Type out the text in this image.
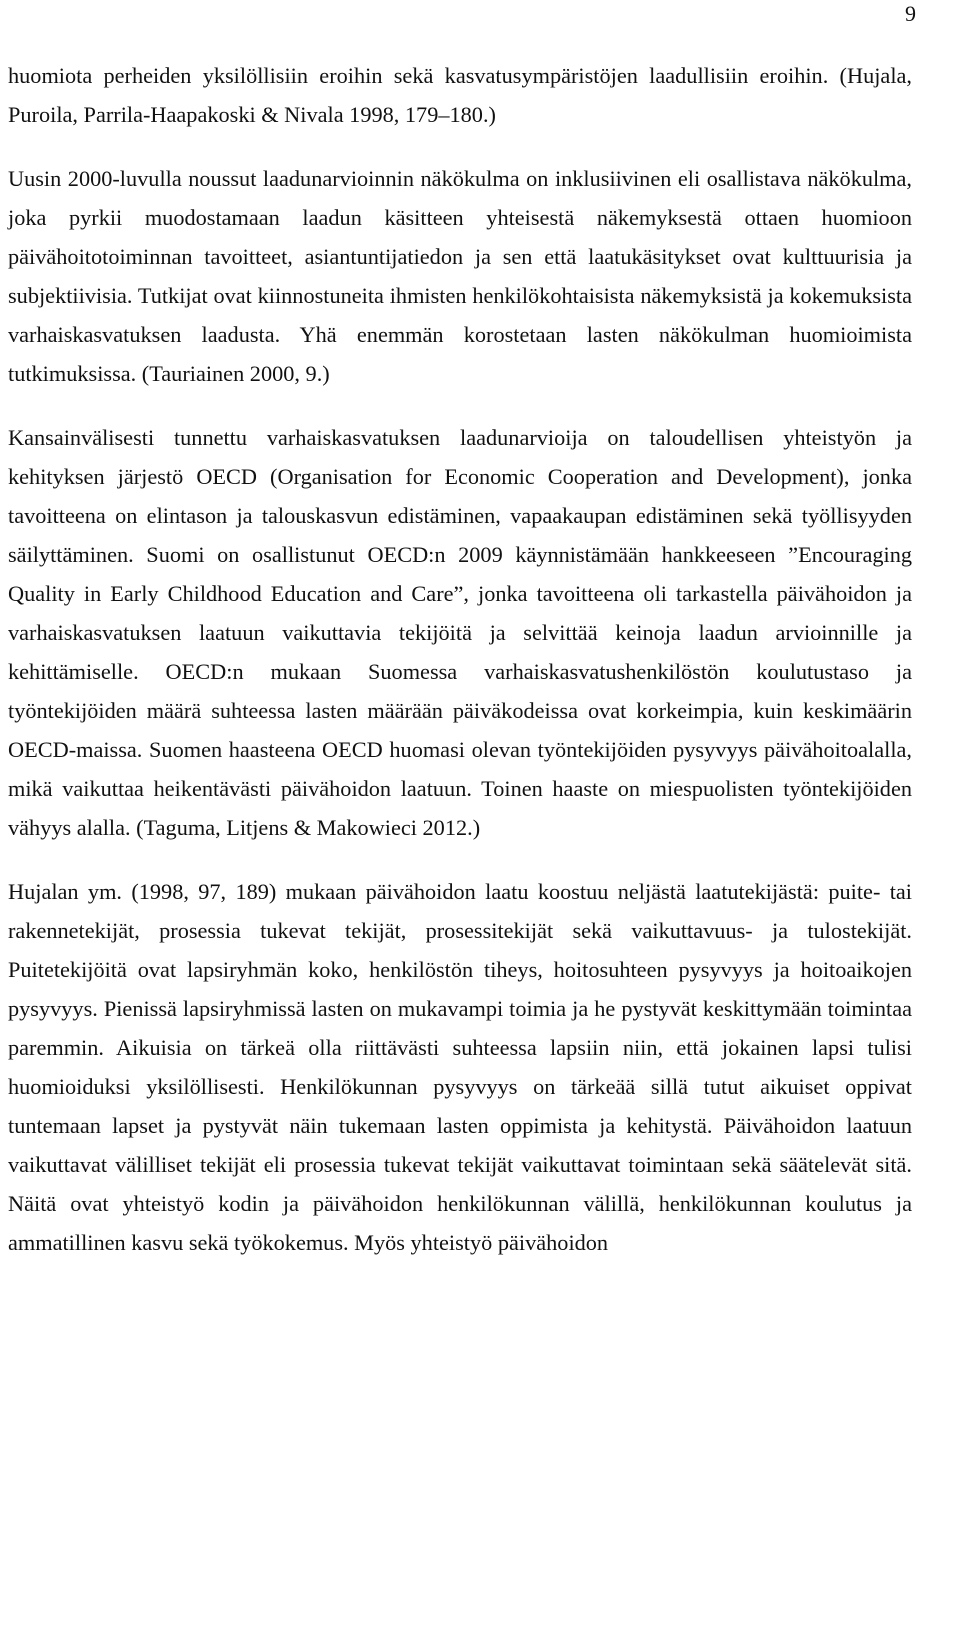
9

huomiota perheiden yksilöllisiin eroihin sekä kasvatusympäristöjen laadullisiin eroihin. (Hujala, Puroila, Parrila-Haapakoski & Nivala 1998, 179–180.)

Uusin 2000-luvulla noussut laadunarvioinnin näkökulma on inklusiivinen eli osallistava näkökulma, joka pyrkii muodostamaan laadun käsitteen yhteisestä näkemyksestä ottaen huomioon päivähoitotoiminnan tavoitteet, asiantuntijatiedon ja sen että laatukäsitykset ovat kulttuurisia ja subjektiivisia. Tutkijat ovat kiinnostuneita ihmisten henkilökohtaisista näkemyksistä ja kokemuksista varhaiskasvatuksen laadusta. Yhä enemmän korostetaan lasten näkökulman huomioimista tutkimuksissa. (Tauriainen 2000, 9.)

Kansainvälisesti tunnettu varhaiskasvatuksen laadunarvioija on taloudellisen yhteistyön ja kehityksen järjestö OECD (Organisation for Economic Cooperation and Development), jonka tavoitteena on elintason ja talouskasvun edistäminen, vapaakaupan edistäminen sekä työllisyyden säilyttäminen. Suomi on osallistunut OECD:n 2009 käynnistämään hankkeeseen ”Encouraging Quality in Early Childhood Education and Care”, jonka tavoitteena oli tarkastella päivähoidon ja varhaiskasvatuksen laatuun vaikuttavia tekijöitä ja selvittää keinoja laadun arvioinnille ja kehittämiselle. OECD:n mukaan Suomessa varhaiskasvatushenkilöstön koulutustaso ja työntekijöiden määrä suhteessa lasten määrään päiväkodeissa ovat korkeimpia, kuin keskimäärin OECD-maissa. Suomen haasteena OECD huomasi olevan työntekijöiden pysyvyys päivähoitoalalla, mikä vaikuttaa heikentävästi päivähoidon laatuun. Toinen haaste on miespuolisten työntekijöiden vähyys alalla. (Taguma, Litjens & Makowieci 2012.)

Hujalan ym. (1998, 97, 189) mukaan päivähoidon laatu koostuu neljästä laatutekijästä: puite- tai rakennetekijät, prosessia tukevat tekijät, prosessitekijät sekä vaikuttavuus- ja tulostekijät. Puitetekijöitä ovat lapsiryhmän koko, henkilöstön tiheys, hoitosuhteen pysyvyys ja hoitoaikojen pysyvyys. Pienissä lapsiryhmissä lasten on mukavampi toimia ja he pystyvät keskittymään toimintaa paremmin. Aikuisia on tärkeä olla riittävästi suhteessa lapsiin niin, että jokainen lapsi tulisi huomioiduksi yksilöllisesti. Henkilökunnan pysyvyys on tärkeää sillä tutut aikuiset oppivat tuntemaan lapset ja pystyvät näin tukemaan lasten oppimista ja kehitystä. Päivähoidon laatuun vaikuttavat välilliset tekijät eli prosessia tukevat tekijät vaikuttavat toimintaan sekä säätelevät sitä. Näitä ovat yhteistyö kodin ja päivähoidon henkilökunnan välillä, henkilökunnan koulutus ja ammatillinen kasvu sekä työkokemus. Myös yhteistyö päivähoidon
